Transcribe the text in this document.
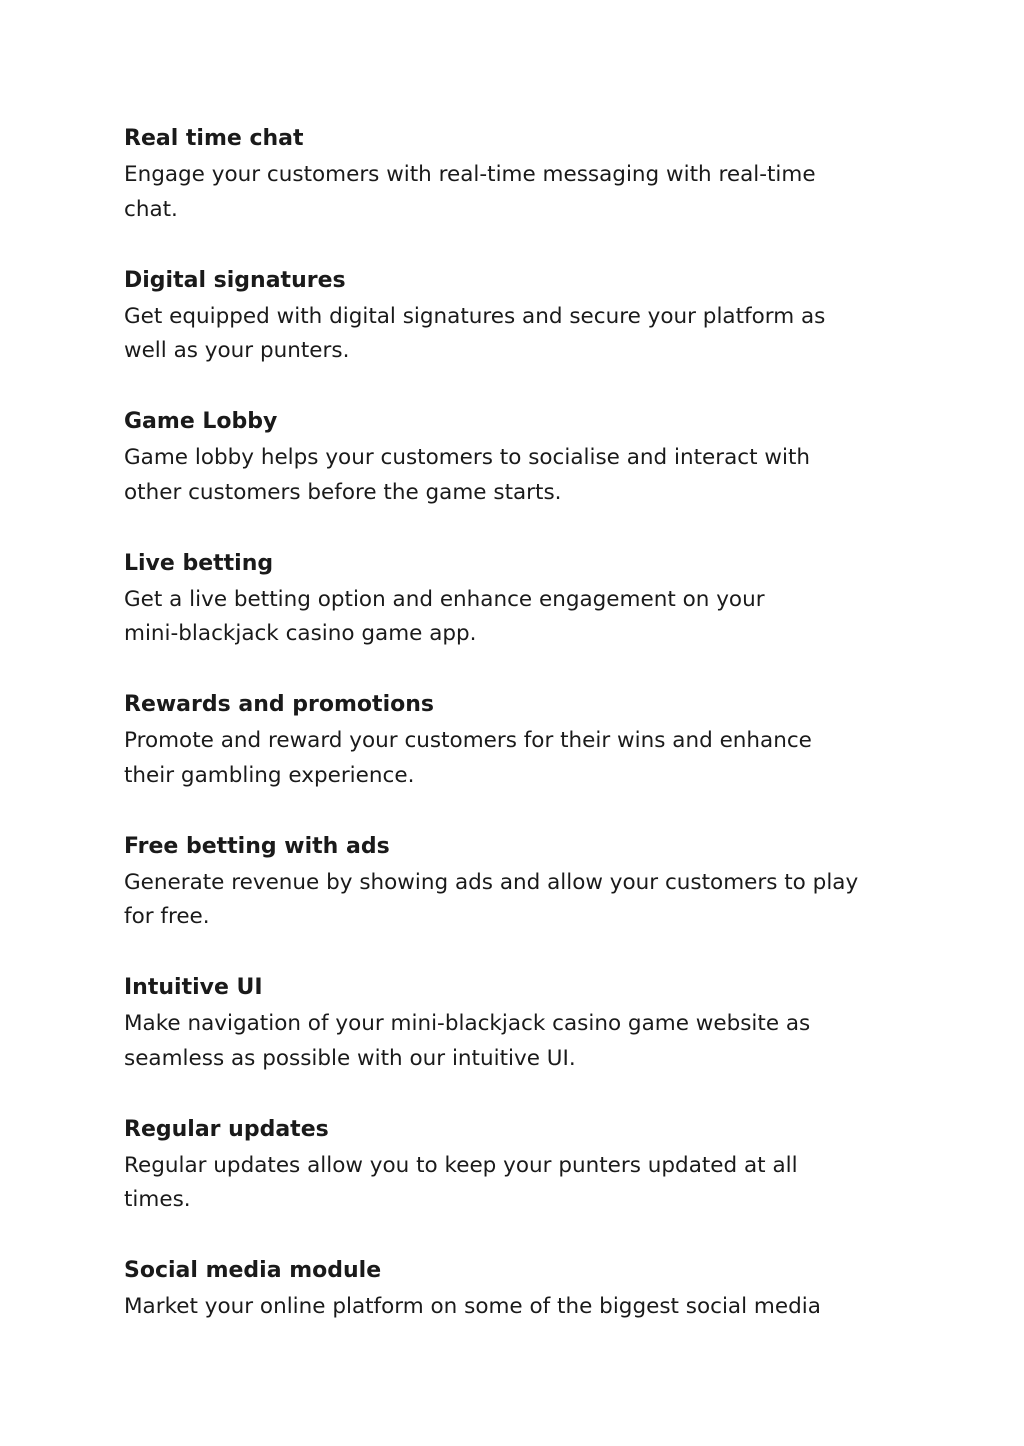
Real time chat
Engage your customers with real-time messaging with real-time
chat.
Digital signatures
Get equipped with digital signatures and secure your platform as
well as your punters.
Game Lobby
Game lobby helps your customers to socialise and interact with
other customers before the game starts.
Live betting
Get a live betting option and enhance engagement on your
mini-blackjack casino game app.
Rewards and promotions
Promote and reward your customers for their wins and enhance
their gambling experience.
Free betting with ads
Generate revenue by showing ads and allow your customers to play
for free.
Intuitive UI
Make navigation of your mini-blackjack casino game website as
seamless as possible with our intuitive UI.
Regular updates
Regular updates allow you to keep your punters updated at all
times.
Social media module
Market your online platform on some of the biggest social media
